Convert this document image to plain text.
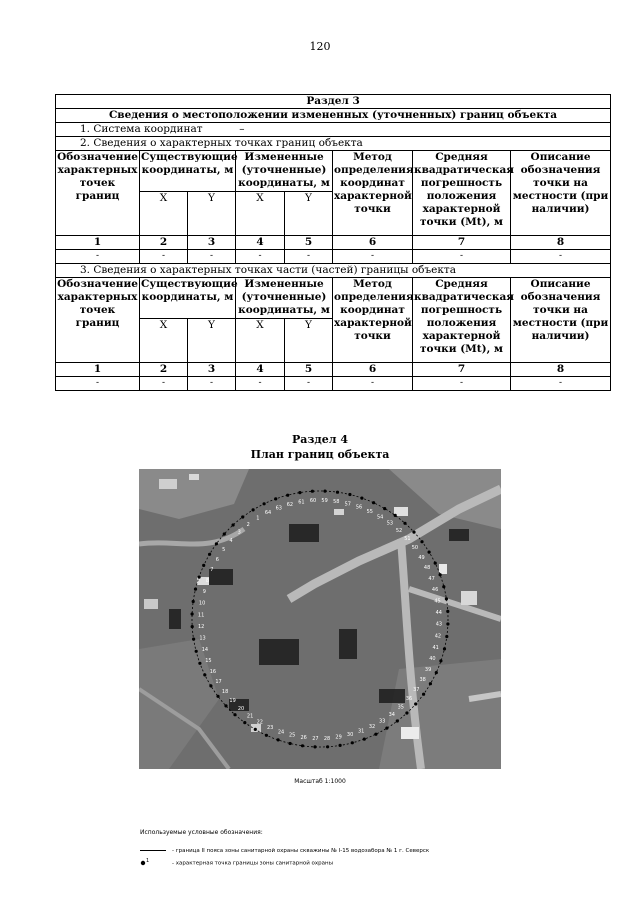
120
Раздел 3							
Сведения о местоположении измененных (уточненных) границ объекта							
1. Система координат –							
2. Сведения о характерных точках границ объекта							
Обозначение характерных точек границ	Существующие координаты, м		Измененные (уточненные) координаты, м		Метод определения координат характерной точки	Средняя квадратическая погрешность положения характерной точки (Mt), м	Описание обозначения точки на местности (при наличии)
	X	Y	X	Y			
1	2	3	4	5	6	7	8
-	-	-	-	-	-	-	-
3. Сведения о характерных точках части (частей) границы объекта							
Обозначение характерных точек границ	Существующие координаты, м		Измененные (уточненные) координаты, м		Метод определения координат характерной точки	Средняя квадратическая погрешность положения характерной точки (Mt), м	Описание обозначения точки на местности (при наличии)
	X	Y	X	Y			
1	2	3	4	5	6	7	8
-	-	-	-	-	-	-	-
Раздел 4
План границ объекта
1
2
3
4
5
6
7
8
9
10
11
12
13
14
15
16
17
18
19
20
21
22
23
24
25 26 27 28 29 30
31
32
33
34
35
36
37
38
39
40
41
42
43
44
45
46
47
48
49
50
51
52
53
54
55
56
57
58
59
60
61
62
63
64
Масштаб 1:1000
Используемые условные обозначения:
- граница II пояса зоны санитарной охраны скважины № I-15 водозабора № 1 г. Северск
1	- характерная точка границы зоны санитарной охраны
